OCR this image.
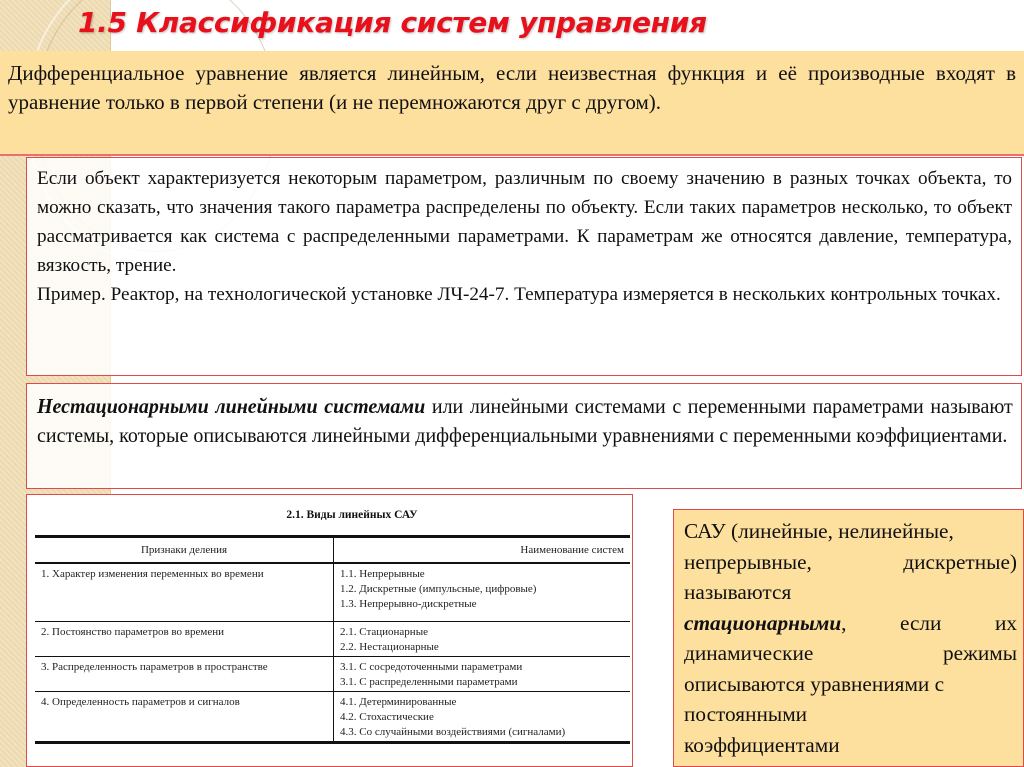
1.5 Классификация систем управления

Дифференциальное уравнение является линейным, если неизвестная функция и её производные входят в уравнение только в первой степени (и не перемножаются друг с другом).

Если объект характеризуется некоторым параметром, различным по своему значению в разных точках объекта, то можно сказать, что значения такого параметра распределены по объекту. Если таких параметров несколько, то объект рассматривается как система с распределенными параметрами. К параметрам же относятся давление, температура, вязкость, трение.

Пример. Реактор, на технологической установке ЛЧ-24-7. Температура измеряется в нескольких контрольных точках.

Нестационарными линейными системами или линейными системами с переменными параметрами называют системы, которые описываются линейными дифференциальными уравнениями с переменными коэффициентами.

2.1. Виды линейных САУ
Признаки деления	Наименование систем
1. Характер изменения переменных во времени	1.1. Непрерывные
1.2. Дискретные (импульсные, цифровые)
1.3. Непрерывно-дискретные

2. Постоянство параметров во времени	2.1. Стационарные
2.2. Нестационарные

3. Распределенность параметров в пространстве	3.1. С сосредоточенными параметрами
3.1. С распределенными параметрами

4. Определенность параметров и сигналов	4.1. Детерминированные
4.2. Стохастические
4.3. Со случайными воздействиями (сигналами)

САУ (линейные, нелинейные,

непрерывные,	дискретные)

называются

стационарными,	если	их

динамические	режимы

описываются уравнениями с

постоянными

коэффициентами
